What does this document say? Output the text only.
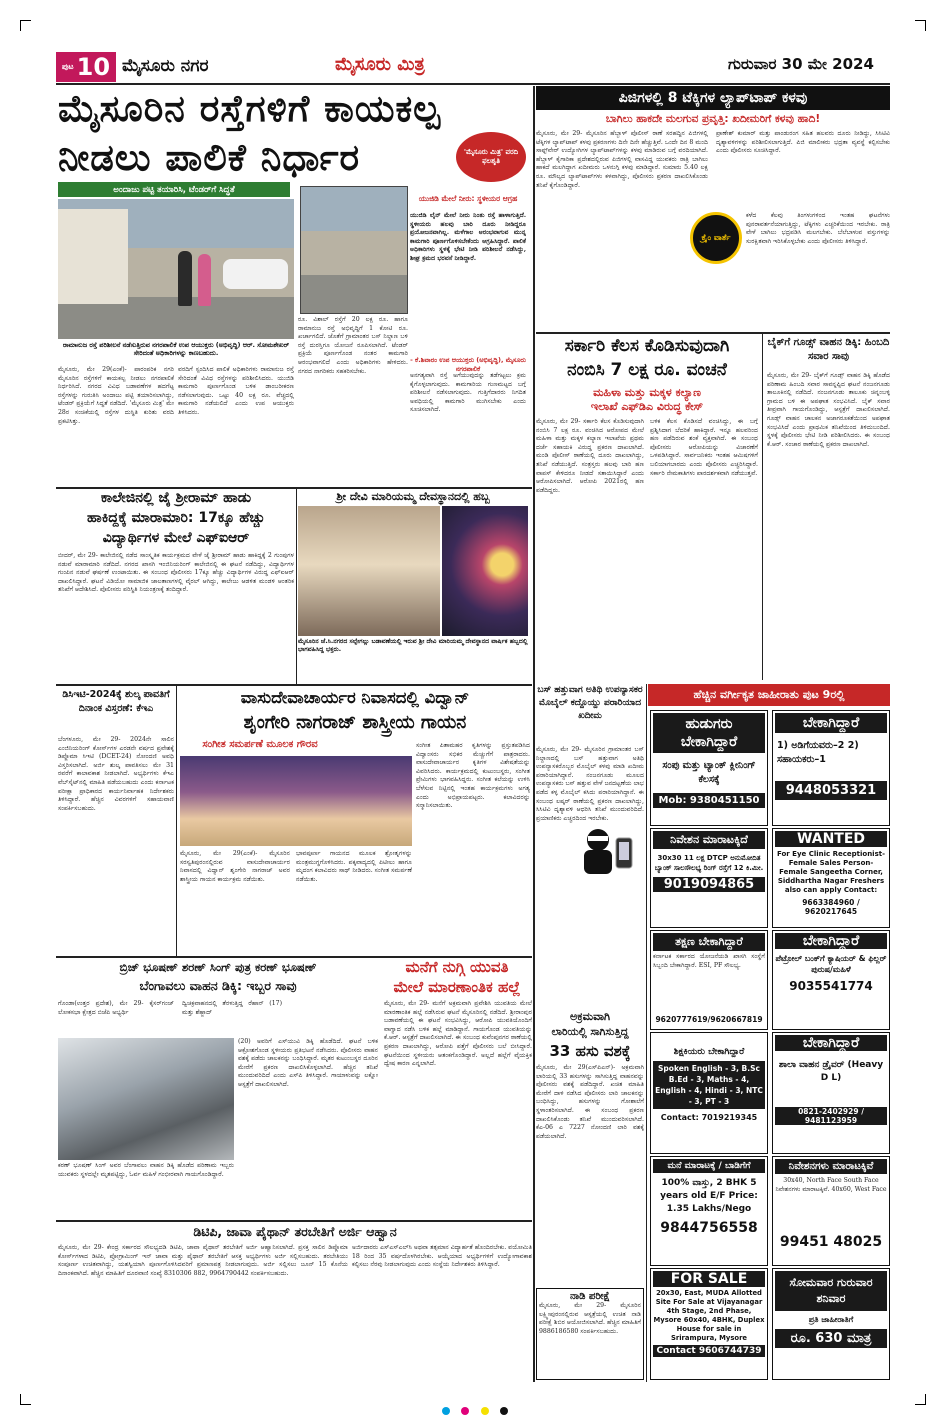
ಪುಟ 10 ಮೈಸೂರು ನಗರ	ಮೈಸೂರು ಮಿತ್ರ	ಗುರುವಾರ 30 ಮೇ 2024
ಮೈಸೂರಿನ ರಸ್ತೆಗಳಿಗೆ ಕಾಯಕಲ್ಪ
ನೀಡಲು ಪಾಲಿಕೆ ನಿರ್ಧಾರ	'ಮೈಸೂರು ಮಿತ್ರ' ವರದಿ ಫಲಶೃತಿ
ಅಂದಾಜು ಪಟ್ಟಿ ತಯಾರಿಸಿ, ಟೆಂಡರ್‌ಗೆ ಸಿದ್ಧತೆ
ರಾಮಾನುಜ ರಸ್ತೆ ಪರಿಶೀಲನೆ ನಡೆಸುತ್ತಿರುವ ನಗರಪಾಲಿಕೆ ಉಪ ಆಯುಕ್ತರು (ಅಭಿವೃದ್ಧಿ) ಆರ್. ಸೋಮಶೇಖರ್ ಸೇರಿದಂತೆ ಅಧಿಕಾರಿಗಳನ್ನು ಕಾಣಬಹುದು.
ಯುಜಿಡಿ ಮೇಲೆ ನೀರು: ಸ್ಥಳೀಯರ ಆಗ್ರಹ
ಯುಜಿಡಿ ಲೈನ್ ಮೇಲೆ ನೀರು ನಿಂತು ರಸ್ತೆ ಹಾಳಾಗುತ್ತಿದೆ. ಸ್ಥಳೀಯರು ಹಲವು ಬಾರಿ ದೂರು ನೀಡಿದ್ದರೂ ಪ್ರಯೋಜನವಾಗಿಲ್ಲ. ಮಳೆಗಾಲ ಆರಂಭವಾಗುವ ಮುನ್ನ ಕಾಮಗಾರಿ ಪೂರ್ಣಗೊಳಿಸಬೇಕೆಂದು ಆಗ್ರಹಿಸಿದ್ದಾರೆ. ಪಾಲಿಕೆ ಅಧಿಕಾರಿಗಳು ಸ್ಥಳಕ್ಕೆ ಭೇಟಿ ನೀಡಿ ಪರಿಶೀಲನೆ ನಡೆಸಿದ್ದು, ಶೀಘ್ರ ಕ್ರಮದ ಭರವಸೆ ನೀಡಿದ್ದಾರೆ.
- ಕೆ.ಶಿವಾರಂ ಉಪ ಆಯುಕ್ತರು (ಅಭಿವೃದ್ಧಿ), ಮೈಸೂರು ನಗರಪಾಲಿಕೆ
ಮೈಸೂರು, ಮೇ 29(ಎಂಕೆ)- ಪಾರಂಪರಿಕ ನಗರಿ ಮೈಸೂರಿನ ರಸ್ತೆಗಳಿಗೆ ಕಾಯಕಲ್ಪ ನೀಡಲು ನಗರಪಾಲಿಕೆ ನಿರ್ಧರಿಸಿದೆ. ನಗರದ ವಿವಿಧ ಬಡಾವಣೆಗಳ ಹದಗೆಟ್ಟ ರಸ್ತೆಗಳನ್ನು ಗುರುತಿಸಿ ಅಂದಾಜು ಪಟ್ಟಿ ತಯಾರಿಸಲಾಗಿದ್ದು, ಟೆಂಡರ್ ಪ್ರಕ್ರಿಯೆಗೆ ಸಿದ್ಧತೆ ನಡೆದಿದೆ. 'ಮೈಸೂರು ಮಿತ್ರ' ಮೇ 28ರ ಸಂಚಿಕೆಯಲ್ಲಿ ರಸ್ತೆಗಳ ದುಸ್ಥಿತಿ ಕುರಿತು ವರದಿ ಪ್ರಕಟಿಸಿತ್ತು.
ವರದಿಗೆ ಸ್ಪಂದಿಸಿದ ಪಾಲಿಕೆ ಅಧಿಕಾರಿಗಳು ರಾಮಾನುಜ ರಸ್ತೆ ಸೇರಿದಂತೆ ವಿವಿಧ ರಸ್ತೆಗಳನ್ನು ಪರಿಶೀಲಿಸಿದರು. ಯುಜಿಡಿ ಕಾಮಗಾರಿ ಪೂರ್ಣಗೊಂಡ ಬಳಿಕ ಡಾಂಬರೀಕರಣ ನಡೆಸಲಾಗುವುದು. ಒಟ್ಟು 40 ಲಕ್ಷ ರೂ. ವೆಚ್ಚದಲ್ಲಿ ಕಾಮಗಾರಿ ನಡೆಯಲಿದೆ ಎಂದು ಉಪ ಆಯುಕ್ತರು ತಿಳಿಸಿದರು.
ರೂ. ವಿಶಾಲ್ ರಸ್ತೆಗೆ 20 ಲಕ್ಷ ರೂ. ಹಾಗೂ ರಾಮಾನುಜ ರಸ್ತೆ ಅಭಿವೃದ್ಧಿಗೆ 1 ಕೋಟಿ ರೂ. ಖರ್ಚಾಗಲಿದೆ. ಜೊತೆಗೆ ಗ್ರಾಮಾಂತರ ಬಸ್ ನಿಲ್ದಾಣ ಬಳಿ ರಸ್ತೆ ದುರಸ್ತಿಗೂ ಯೋಜನೆ ರೂಪಿಸಲಾಗಿದೆ. ಟೆಂಡರ್ ಪ್ರಕ್ರಿಯೆ ಪೂರ್ಣಗೊಂಡ ನಂತರ ಕಾಮಗಾರಿ ಆರಂಭವಾಗಲಿದೆ ಎಂದು ಅಧಿಕಾರಿಗಳು ಹೇಳಿದರು. ನಗರದ ನಾಗರಿಕರು ಸಹಕರಿಸಬೇಕು.
ಅನಗತ್ಯವಾಗಿ ರಸ್ತೆ ಅಗೆಯುವುದನ್ನು ತಡೆಗಟ್ಟಲು ಕ್ರಮ ಕೈಗೊಳ್ಳಲಾಗುವುದು. ಕಾಮಗಾರಿಯ ಗುಣಮಟ್ಟದ ಬಗ್ಗೆ ಪರಿಶೀಲನೆ ನಡೆಸಲಾಗುವುದು. ಗುತ್ತಿಗೆದಾರರು ನಿಗದಿತ ಅವಧಿಯಲ್ಲಿ ಕಾಮಗಾರಿ ಮುಗಿಸಬೇಕು ಎಂದು ಸೂಚಿಸಲಾಗಿದೆ.
ಪಿಜಿಗಳಲ್ಲಿ 8 ಟೆಕ್ಕಿಗಳ ಲ್ಯಾಪ್‌ಟಾಪ್ ಕಳವು
ಬಾಗಿಲು ಹಾಕದೇ ಮಲಗುವ ಪ್ರವೃತ್ತಿ: ಖದೀಮರಿಗೆ ಕಳವು ಹಾದಿ!
ಮೈಸೂರು, ಮೇ 29- ಮೈಸೂರಿನ ಹೆಬ್ಬಾಳ್ ಪೊಲೀಸ್ ಠಾಣೆ ಸರಹದ್ದಿನ ಪಿಜಿಗಳಲ್ಲಿ ಟೆಕ್ಕಿಗಳ ಲ್ಯಾಪ್‌ಟಾಪ್ ಕಳವು ಪ್ರಕರಣಗಳು ದಿನೇ ದಿನೇ ಹೆಚ್ಚುತ್ತಿವೆ. ಒಂದೇ ದಿನ 8 ಮಂದಿ ಸಾಫ್ಟ್‌ವೇರ್ ಉದ್ಯೋಗಿಗಳ ಲ್ಯಾಪ್‌ಟಾಪ್‌ಗಳನ್ನು ಕಳವು ಮಾಡಿರುವ ಬಗ್ಗೆ ವರದಿಯಾಗಿದೆ. ಹೆಬ್ಬಾಳ್ ಕೈಗಾರಿಕಾ ಪ್ರದೇಶದಲ್ಲಿರುವ ಪಿಜಿಗಳಲ್ಲಿ ವಾಸವಿದ್ದ ಯುವಕರು ರಾತ್ರಿ ಬಾಗಿಲು ಹಾಕದೆ ಮಲಗಿದ್ದಾಗ ಖದೀಮರು ಒಳನುಗ್ಗಿ ಕಳವು ಮಾಡಿದ್ದಾರೆ. ಸುಮಾರು 5.40 ಲಕ್ಷ ರೂ. ಮೌಲ್ಯದ ಲ್ಯಾಪ್‌ಟಾಪ್‌ಗಳು ಕಳವಾಗಿದ್ದು, ಪೊಲೀಸರು ಪ್ರಕರಣ ದಾಖಲಿಸಿಕೊಂಡು ತನಿಖೆ ಕೈಗೊಂಡಿದ್ದಾರೆ.
ಪ್ರಾಣೇಶ್ ಕುಮಾರ್ ಮತ್ತು ಪಾಂಡುರಂಗ ಸಹಿತ ಹಲವರು ದೂರು ನೀಡಿದ್ದು, ಸಿಸಿಟಿವಿ ದೃಶ್ಯಾವಳಿಗಳನ್ನು ಪರಿಶೀಲಿಸಲಾಗುತ್ತಿದೆ. ಪಿಜಿ ಮಾಲೀಕರು ಭದ್ರತಾ ವ್ಯವಸ್ಥೆ ಕಲ್ಪಿಸಬೇಕು ಎಂದು ಪೊಲೀಸರು ಸೂಚಿಸಿದ್ದಾರೆ.
ಕ್ರೈಂ ವಾರ್ತೆ
ಕಳೆದ ಕೆಲವು ತಿಂಗಳುಗಳಿಂದ ಇಂತಹ ಘಟನೆಗಳು ಪುನರಾವರ್ತನೆಯಾಗುತ್ತಿದ್ದು, ಟೆಕ್ಕಿಗಳು ಎಚ್ಚರಿಕೆಯಿಂದ ಇರಬೇಕು. ರಾತ್ರಿ ವೇಳೆ ಬಾಗಿಲು ಭದ್ರಪಡಿಸಿ ಮಲಗಬೇಕು. ಬೆಲೆಬಾಳುವ ವಸ್ತುಗಳನ್ನು ಸುರಕ್ಷಿತವಾಗಿ ಇರಿಸಿಕೊಳ್ಳಬೇಕು ಎಂದು ಪೊಲೀಸರು ತಿಳಿಸಿದ್ದಾರೆ.
ಸರ್ಕಾರಿ ಕೆಲಸ ಕೊಡಿಸುವುದಾಗಿ
ನಂಬಿಸಿ 7 ಲಕ್ಷ ರೂ. ವಂಚನೆ
ಮಹಿಳಾ ಮತ್ತು ಮಕ್ಕಳ ಕಲ್ಯಾಣ
ಇಲಾಖೆ ಎಫ್‌ಡಿಎ ವಿರುದ್ಧ ಕೇಸ್
ಮೈಸೂರು, ಮೇ 29- ಸರ್ಕಾರಿ ಕೆಲಸ ಕೊಡಿಸುವುದಾಗಿ ನಂಬಿಸಿ 7 ಲಕ್ಷ ರೂ. ವಂಚಿಸಿದ ಆರೋಪದ ಮೇಲೆ ಮಹಿಳಾ ಮತ್ತು ಮಕ್ಕಳ ಕಲ್ಯಾಣ ಇಲಾಖೆಯ ಪ್ರಥಮ ದರ್ಜೆ ಸಹಾಯಕಿ ವಿರುದ್ಧ ಪ್ರಕರಣ ದಾಖಲಾಗಿದೆ. ಮಂಡಿ ಪೊಲೀಸ್ ಠಾಣೆಯಲ್ಲಿ ದೂರು ದಾಖಲಾಗಿದ್ದು, ತನಿಖೆ ನಡೆಯುತ್ತಿದೆ. ಸಂತ್ರಸ್ತರು ಹಲವು ಬಾರಿ ಹಣ ವಾಪಸ್ ಕೇಳಿದರೂ ನೀಡದೆ ಸತಾಯಿಸಿದ್ದಾರೆ ಎಂದು ಆರೋಪಿಸಲಾಗಿದೆ. ಆರೋಪಿ 2021ರಲ್ಲಿ ಹಣ ಪಡೆದಿದ್ದರು.
ಬಳಿಕ ಕೆಲಸ ಕೊಡಿಸದೆ ವಂಚಿಸಿದ್ದು, ಈ ಬಗ್ಗೆ ಪ್ರಶ್ನಿಸಿದಾಗ ಬೆದರಿಕೆ ಹಾಕಿದ್ದಾರೆ. ಇನ್ನೂ ಹಲವರಿಂದ ಹಣ ಪಡೆದಿರುವ ಶಂಕೆ ವ್ಯಕ್ತವಾಗಿದೆ. ಈ ಸಂಬಂಧ ಪೊಲೀಸರು ಆರೋಪಿಯನ್ನು ವಿಚಾರಣೆಗೆ ಒಳಪಡಿಸಿದ್ದಾರೆ. ಸಾರ್ವಜನಿಕರು ಇಂತಹ ಆಮಿಷಗಳಿಗೆ ಬಲಿಯಾಗಬಾರದು ಎಂದು ಪೊಲೀಸರು ಎಚ್ಚರಿಸಿದ್ದಾರೆ. ಸರ್ಕಾರಿ ನೇಮಕಾತಿಗಳು ಪಾರದರ್ಶಕವಾಗಿ ನಡೆಯುತ್ತವೆ.
ಬೈಕ್‌ಗೆ ಗೂಡ್ಸ್ ವಾಹನ ಡಿಕ್ಕಿ: ಹಿಂಬದಿ ಸವಾರ ಸಾವು
ಮೈಸೂರು, ಮೇ 29- ಬೈಕ್‌ಗೆ ಗೂಡ್ಸ್ ವಾಹನ ಡಿಕ್ಕಿ ಹೊಡೆದ ಪರಿಣಾಮ ಹಿಂಬದಿ ಸವಾರ ಸಾವನ್ನಪ್ಪಿದ ಘಟನೆ ನಂಜನಗೂಡು ತಾಲೂಕಿನಲ್ಲಿ ನಡೆದಿದೆ. ನಂಜನಗೂಡು ತಾಲೂಕು ಚಿನ್ನಂಬಳ್ಳಿ ಗ್ರಾಮದ ಬಳಿ ಈ ಅಪಘಾತ ಸಂಭವಿಸಿದೆ. ಬೈಕ್ ಸವಾರ ತೀವ್ರವಾಗಿ ಗಾಯಗೊಂಡಿದ್ದು, ಆಸ್ಪತ್ರೆಗೆ ದಾಖಲಿಸಲಾಗಿದೆ. ಗೂಡ್ಸ್ ವಾಹನ ಚಾಲಕನ ಅಜಾಗರೂಕತೆಯಿಂದ ಅಪಘಾತ ಸಂಭವಿಸಿದೆ ಎಂದು ಪ್ರಾಥಮಿಕ ತನಿಖೆಯಿಂದ ತಿಳಿದುಬಂದಿದೆ. ಸ್ಥಳಕ್ಕೆ ಪೊಲೀಸರು ಭೇಟಿ ನೀಡಿ ಪರಿಶೀಲಿಸಿದರು. ಈ ಸಂಬಂಧ ಕೆ.ಆರ್. ಸಂಚಾರ ಠಾಣೆಯಲ್ಲಿ ಪ್ರಕರಣ ದಾಖಲಾಗಿದೆ.
ಕಾಲೇಜಿನಲ್ಲಿ ಜೈ ಶ್ರೀರಾಮ್ ಹಾಡು
ಹಾಕಿದ್ದಕ್ಕೆ ಮಾರಾಮಾರಿ: 17ಕ್ಕೂ ಹೆಚ್ಚು
ವಿದ್ಯಾರ್ಥಿಗಳ ಮೇಲೆ ಎಫ್‌ಐಆರ್
ಬೀದರ್, ಮೇ 29- ಕಾಲೇಜಿನಲ್ಲಿ ನಡೆದ ಸಾಂಸ್ಕೃತಿಕ ಕಾರ್ಯಕ್ರಮದ ವೇಳೆ ಜೈ ಶ್ರೀರಾಮ್ ಹಾಡು ಹಾಕಿದ್ದಕ್ಕೆ 2 ಗುಂಪುಗಳ ನಡುವೆ ಮಾರಾಮಾರಿ ನಡೆದಿದೆ. ನಗರದ ಖಾಸಗಿ ಇಂಜಿನಿಯರಿಂಗ್ ಕಾಲೇಜಿನಲ್ಲಿ ಈ ಘಟನೆ ನಡೆದಿದ್ದು, ವಿದ್ಯಾರ್ಥಿಗಳ ಗುಂಪಿನ ನಡುವೆ ಘರ್ಷಣೆ ಉಂಟಾಯಿತು. ಈ ಸಂಬಂಧ ಪೊಲೀಸರು 17ಕ್ಕೂ ಹೆಚ್ಚು ವಿದ್ಯಾರ್ಥಿಗಳ ವಿರುದ್ಧ ಎಫ್‌ಐಆರ್ ದಾಖಲಿಸಿದ್ದಾರೆ. ಘಟನೆ ವಿಡಿಯೋ ಸಾಮಾಜಿಕ ಜಾಲತಾಣಗಳಲ್ಲಿ ವೈರಲ್ ಆಗಿದ್ದು, ಕಾಲೇಜು ಆಡಳಿತ ಮಂಡಳಿ ಆಂತರಿಕ ತನಿಖೆಗೆ ಆದೇಶಿಸಿದೆ. ಪೊಲೀಸರು ಪರಿಸ್ಥಿತಿ ನಿಯಂತ್ರಣಕ್ಕೆ ತಂದಿದ್ದಾರೆ.
ಶ್ರೀ ದೇವಿ ಮಾರಿಯಮ್ಮ ದೇವಸ್ಥಾನದಲ್ಲಿ ಹಬ್ಬ
ಮೈಸೂರಿನ ಜೆ.ಸಿ.ನಗರದ ಸಲ್ಪೇಗಲ್ಲು ಬಡಾವಣೆಯಲ್ಲಿ ಇರುವ ಶ್ರೀ ದೇವಿ ಮಾರಿಯಮ್ಮ ದೇವಸ್ಥಾನದ ವಾರ್ಷಿಕ ಹಬ್ಬದಲ್ಲಿ ಭಾಗವಹಿಸಿದ್ದ ಭಕ್ತರು.
ಬಸ್ ಹತ್ತುವಾಗ ಅತಿಥಿ ಉಪನ್ಯಾಸಕರ ಮೊಬೈಲ್ ಕದ್ದೊಯ್ದು ಪರಾರಿಯಾದ ಖದೀಮ
ಮೈಸೂರು, ಮೇ 29- ಮೈಸೂರಿನ ಗ್ರಾಮಾಂತರ ಬಸ್ ನಿಲ್ದಾಣದಲ್ಲಿ ಬಸ್ ಹತ್ತುವಾಗ ಅತಿಥಿ ಉಪನ್ಯಾಸಕರೊಬ್ಬರ ಮೊಬೈಲ್ ಕಳವು ಮಾಡಿ ಖದೀಮ ಪರಾರಿಯಾಗಿದ್ದಾನೆ. ನಂಜನಗೂಡು ಮೂಲದ ಉಪನ್ಯಾಸಕರು ಬಸ್ ಹತ್ತುವ ವೇಳೆ ಜನದಟ್ಟಣೆಯ ಲಾಭ ಪಡೆದ ಕಳ್ಳ ಮೊಬೈಲ್ ಕಸಿದು ಪರಾರಿಯಾಗಿದ್ದಾನೆ. ಈ ಸಂಬಂಧ ಲಷ್ಕರ್ ಠಾಣೆಯಲ್ಲಿ ಪ್ರಕರಣ ದಾಖಲಾಗಿದ್ದು, ಸಿಸಿಟಿವಿ ದೃಶ್ಯಾವಳಿ ಆಧರಿಸಿ ತನಿಖೆ ಮುಂದುವರಿದಿದೆ. ಪ್ರಯಾಣಿಕರು ಎಚ್ಚರದಿಂದ ಇರಬೇಕು.
ಡಿಸಿಇಟಿ-2024ಕ್ಕೆ ಶುಲ್ಕ ಪಾವತಿಗೆ ದಿನಾಂಕ ವಿಸ್ತರಣೆ: ಕೆಇಎ
ಬೆಂಗಳೂರು, ಮೇ 29- 2024ನೇ ಸಾಲಿನ ಎಂಜಿನಿಯರಿಂಗ್ ಕೋರ್ಸ್‌ಗಳ ಎರಡನೇ ವರ್ಷದ ಪ್ರವೇಶಕ್ಕೆ ಡಿಪ್ಲೊಮಾ ಸಿಇಟಿ (DCET-24) ನೋಂದಣಿ ಅವಧಿ ವಿಸ್ತರಿಸಲಾಗಿದೆ. ಅರ್ಜಿ ಶುಲ್ಕ ಪಾವತಿಸಲು ಮೇ 31 ರವರೆಗೆ ಕಾಲಾವಕಾಶ ನೀಡಲಾಗಿದೆ. ಅಭ್ಯರ್ಥಿಗಳು ಕೆಇಎ ವೆಬ್‌ಸೈಟ್‌ನಲ್ಲಿ ಮಾಹಿತಿ ಪಡೆಯಬಹುದು ಎಂದು ಕರ್ನಾಟಕ ಪರೀಕ್ಷಾ ಪ್ರಾಧಿಕಾರದ ಕಾರ್ಯನಿರ್ವಾಹಕ ನಿರ್ದೇಶಕರು ತಿಳಿಸಿದ್ದಾರೆ. ಹೆಚ್ಚಿನ ವಿವರಗಳಿಗೆ ಸಹಾಯವಾಣಿ ಸಂಪರ್ಕಿಸಬಹುದು.
ವಾಸುದೇವಾಚಾರ್ಯರ ನಿವಾಸದಲ್ಲಿ ವಿದ್ವಾನ್
ಶೃಂಗೇರಿ ನಾಗರಾಜ್ ಶಾಸ್ತ್ರೀಯ ಗಾಯನ
ಸಂಗೀತ ಸಮರ್ಪಣೆ ಮೂಲಕ ಗೌರವ
ಮೈಸೂರು, ಮೇ 29(ಎಂಕೆ)- ಮೈಸೂರಿನ ಸರಸ್ವತಿಪುರಂನಲ್ಲಿರುವ ವಾಸುದೇವಾಚಾರ್ಯರ ನಿವಾಸದಲ್ಲಿ ವಿದ್ವಾನ್ ಶೃಂಗೇರಿ ನಾಗರಾಜ್ ಅವರ ಶಾಸ್ತ್ರೀಯ ಗಾಯನ ಕಾರ್ಯಕ್ರಮ ನಡೆಯಿತು.
ಭಾವಪೂರ್ಣ ಗಾಯನದ ಮೂಲಕ ಶ್ರೋತೃಗಳನ್ನು ಮಂತ್ರಮುಗ್ಧಗೊಳಿಸಿದರು. ಪಕ್ಕವಾದ್ಯದಲ್ಲಿ ಪಿಟೀಲು ಹಾಗೂ ಮೃದಂಗ ಕಲಾವಿದರು ಸಾಥ್ ನೀಡಿದರು. ಸಂಗೀತ ಸಮರ್ಪಣೆ ನಡೆಯಿತು.
ಸಂಗೀತ ಪಿತಾಮಹರ ಕೃತಿಗಳನ್ನು ಪ್ರಸ್ತುತಪಡಿಸಿದ ವಿದ್ವಾಂಸರು ಸಭಿಕರ ಮೆಚ್ಚುಗೆಗೆ ಪಾತ್ರರಾದರು. ವಾಸುದೇವಾಚಾರ್ಯರ ಕೃತಿಗಳ ವಿಶೇಷತೆಯನ್ನು ವಿವರಿಸಿದರು. ಕಾರ್ಯಕ್ರಮದಲ್ಲಿ ಕುಟುಂಬಸ್ಥರು, ಸಂಗೀತ ಪ್ರೇಮಿಗಳು ಭಾಗವಹಿಸಿದ್ದರು. ಸಂಗೀತ ಕಲೆಯನ್ನು ಉಳಿಸಿ ಬೆಳೆಸುವ ನಿಟ್ಟಿನಲ್ಲಿ ಇಂತಹ ಕಾರ್ಯಕ್ರಮಗಳು ಅಗತ್ಯ ಎಂದು ಅಭಿಪ್ರಾಯಪಟ್ಟರು. ಕಲಾವಿದರನ್ನು ಸನ್ಮಾನಿಸಲಾಯಿತು.
ಬ್ರಿಜ್ ಭೂಷಣ್ ಶರಣ್ ಸಿಂಗ್ ಪುತ್ರ ಕರಣ್ ಭೂಷಣ್
ಬೆಂಗಾವಲು ವಾಹನ ಡಿಕ್ಕಿ: ಇಬ್ಬರ ಸಾವು
ಗೊಂಡಾ(ಉತ್ತರ ಪ್ರದೇಶ), ಮೇ 29- ಕೈಸರ್‌ಗಂಜ್ ಲೋಕಸಭಾ ಕ್ಷೇತ್ರದ ಬಿಜೆಪಿ ಅಭ್ಯರ್ಥಿ
ದ್ವಿಚಕ್ರವಾಹನದಲ್ಲಿ ತೆರಳುತ್ತಿದ್ದ ರೆಹಾನ್ (17) ಮತ್ತು ಶೆಹ್ಜಾದ್
ಕರಣ್ ಭೂಷಣ್ ಸಿಂಗ್ ಅವರ ಬೆಂಗಾವಲು ವಾಹನ ಡಿಕ್ಕಿ ಹೊಡೆದ ಪರಿಣಾಮ ಇಬ್ಬರು ಯುವಕರು ಸ್ಥಳದಲ್ಲೇ ಮೃತಪಟ್ಟಿದ್ದು, ಓರ್ವ ಮಹಿಳೆ ಗಂಭೀರವಾಗಿ ಗಾಯಗೊಂಡಿದ್ದಾರೆ.
(20) ಅವರಿಗೆ ಎಸ್‌ಯುವಿ ಡಿಕ್ಕಿ ಹೊಡೆದಿದೆ. ಘಟನೆ ಬಳಿಕ ಆಕ್ರೋಶಗೊಂಡ ಸ್ಥಳೀಯರು ಪ್ರತಿಭಟನೆ ನಡೆಸಿದರು. ಪೊಲೀಸರು ವಾಹನ ವಶಕ್ಕೆ ಪಡೆದು ಚಾಲಕನನ್ನು ಬಂಧಿಸಿದ್ದಾರೆ. ಮೃತರ ಕುಟುಂಬಸ್ಥರ ದೂರಿನ ಮೇರೆಗೆ ಪ್ರಕರಣ ದಾಖಲಿಸಿಕೊಳ್ಳಲಾಗಿದೆ. ಹೆಚ್ಚಿನ ತನಿಖೆ ಮುಂದುವರಿದಿದೆ ಎಂದು ಎಸ್‌ಪಿ ತಿಳಿಸಿದ್ದಾರೆ. ಗಾಯಾಳುವನ್ನು ಲಕ್ನೋ ಆಸ್ಪತ್ರೆಗೆ ದಾಖಲಿಸಲಾಗಿದೆ.
ಮನೆಗೆ ನುಗ್ಗಿ ಯುವತಿ
ಮೇಲೆ ಮಾರಣಾಂತಿಕ ಹಲ್ಲೆ
ಮೈಸೂರು, ಮೇ 29- ಮನೆಗೆ ಅಕ್ರಮವಾಗಿ ಪ್ರವೇಶಿಸಿ ಯುವತಿಯ ಮೇಲೆ ಮಾರಣಾಂತಿಕ ಹಲ್ಲೆ ನಡೆಸಿರುವ ಘಟನೆ ಮೈಸೂರಿನಲ್ಲಿ ನಡೆದಿದೆ. ಶ್ರೀರಾಂಪುರ ಬಡಾವಣೆಯಲ್ಲಿ ಈ ಘಟನೆ ಸಂಭವಿಸಿದ್ದು, ಆರೋಪಿ ಯುವತಿಯೊಂದಿಗೆ ವಾಗ್ವಾದ ನಡೆಸಿ ಬಳಿಕ ಹಲ್ಲೆ ಮಾಡಿದ್ದಾನೆ. ಗಾಯಗೊಂಡ ಯುವತಿಯನ್ನು ಕೆ.ಆರ್. ಆಸ್ಪತ್ರೆಗೆ ದಾಖಲಿಸಲಾಗಿದೆ. ಈ ಸಂಬಂಧ ಕುವೆಂಪುನಗರ ಠಾಣೆಯಲ್ಲಿ ಪ್ರಕರಣ ದಾಖಲಾಗಿದ್ದು, ಆರೋಪಿ ಪತ್ತೆಗೆ ಪೊಲೀಸರು ಬಲೆ ಬೀಸಿದ್ದಾರೆ. ಘಟನೆಯಿಂದ ಸ್ಥಳೀಯರು ಆತಂಕಗೊಂಡಿದ್ದಾರೆ. ಅಲ್ಲದೆ ಹಲ್ಲೆಗೆ ವೈಯಕ್ತಿಕ ದ್ವೇಷ ಕಾರಣ ಎನ್ನಲಾಗಿದೆ.
ಅಕ್ರಮವಾಗಿ
ಲಾರಿಯಲ್ಲಿ ಸಾಗಿಸುತ್ತಿದ್ದ
33 ಹಸು ವಶಕ್ಕೆ
ಮೈಸೂರು, ಮೇ 29(ಎಸ್‌ಪಿಎನ್)- ಅಕ್ರಮವಾಗಿ ಲಾರಿಯಲ್ಲಿ 33 ಹಸುಗಳನ್ನು ಸಾಗಿಸುತ್ತಿದ್ದ ವಾಹನವನ್ನು ಪೊಲೀಸರು ವಶಕ್ಕೆ ಪಡೆದಿದ್ದಾರೆ. ಖಚಿತ ಮಾಹಿತಿ ಮೇರೆಗೆ ದಾಳಿ ನಡೆಸಿದ ಪೊಲೀಸರು ಲಾರಿ ಚಾಲಕನನ್ನು ಬಂಧಿಸಿದ್ದು, ಹಸುಗಳನ್ನು ಗೋಶಾಲೆಗೆ ಸ್ಥಳಾಂತರಿಸಲಾಗಿದೆ. ಈ ಸಂಬಂಧ ಪ್ರಕರಣ ದಾಖಲಿಸಿಕೊಂಡು ತನಿಖೆ ಮುಂದುವರಿಸಲಾಗಿದೆ. ಕೆಎ-06 ಎ 7227 ನೋಂದಣಿ ಲಾರಿ ವಶಕ್ಕೆ ಪಡೆಯಲಾಗಿದೆ.
ನಾಡಿ ಪರೀಕ್ಷೆ
ಮೈಸೂರು, ಮೇ 29- ಮೈಸೂರಿನ ಲಕ್ಷ್ಮೀಪುರಂನಲ್ಲಿರುವ ಆಸ್ಪತ್ರೆಯಲ್ಲಿ ಉಚಿತ ನಾಡಿ ಪರೀಕ್ಷೆ ಶಿಬಿರ ಆಯೋಜಿಸಲಾಗಿದೆ. ಹೆಚ್ಚಿನ ಮಾಹಿತಿಗೆ 9886186580 ಸಂಪರ್ಕಿಸಬಹುದು.
ಡಿಟಿಪಿ, ಜಾವಾ ಪೈಥಾನ್ ತರಬೇತಿಗೆ ಅರ್ಜಿ ಆಹ್ವಾನ
ಮೈಸೂರು, ಮೇ 29- ಕೇಂದ್ರ ಸರ್ಕಾರದ ಸೌಲಭ್ಯದಡಿ ಡಿಟಿಪಿ, ಜಾವಾ ಪೈಥಾನ್ ತರಬೇತಿಗೆ ಅರ್ಜಿ ಆಹ್ವಾನಿಸಲಾಗಿದೆ. ಪ್ರಸಕ್ತ ಸಾಲಿನ ಡಿಪ್ಲೊಮಾ ಕೋರ್ಸ್‌ಗಳಾದ ಡಿಟಿಪಿ, ಪ್ರೋಗ್ರಾಮಿಂಗ್ ಇನ್ ಜಾವಾ ಮತ್ತು ಪೈಥಾನ್ ತರಬೇತಿಗೆ ಆಸಕ್ತ ಅಭ್ಯರ್ಥಿಗಳು ಅರ್ಜಿ ಸಲ್ಲಿಸಬಹುದು. ತರಬೇತಿಯು ಸಂಪೂರ್ಣ ಉಚಿತವಾಗಿದ್ದು, ಯಶಸ್ವಿಯಾಗಿ ಪೂರ್ಣಗೊಳಿಸಿದವರಿಗೆ ಪ್ರಮಾಣಪತ್ರ ನೀಡಲಾಗುವುದು. ಅರ್ಜಿ ಸಲ್ಲಿಸಲು ಜೂನ್ 15 ಕೊನೆಯ ದಿನಾಂಕವಾಗಿದೆ. ಹೆಚ್ಚಿನ ಮಾಹಿತಿಗೆ ದೂರವಾಣಿ ಸಂಖ್ಯೆ 8310306 882, 9964790442 ಸಂಪರ್ಕಿಸಬಹುದು.
ಅರ್ಜಿದಾರರು ಎಸ್‌ಎಸ್‌ಎಲ್‌ಸಿ ಅಥವಾ ತತ್ಸಮಾನ ವಿದ್ಯಾರ್ಹತೆ ಹೊಂದಿರಬೇಕು. ವಯೋಮಿತಿ 18 ರಿಂದ 35 ವರ್ಷದೊಳಗಿರಬೇಕು. ಆಯ್ಕೆಯಾದ ಅಭ್ಯರ್ಥಿಗಳಿಗೆ ಉದ್ಯೋಗಾವಕಾಶ ಕಲ್ಪಿಸಲು ನೆರವು ನೀಡಲಾಗುವುದು ಎಂದು ಸಂಸ್ಥೆಯ ನಿರ್ದೇಶಕರು ತಿಳಿಸಿದ್ದಾರೆ.
ಹೆಚ್ಚಿನ ವರ್ಗೀಕೃತ ಜಾಹೀರಾತು ಪುಟ 9ರಲ್ಲಿ
ಹುಡುಗರು ಬೇಕಾಗಿದ್ದಾರೆ
ಸಂಪು ಮತ್ತು ಟ್ಯಾಂಕ್ ಕ್ಲೀನಿಂಗ್ ಕೆಲಸಕ್ಕೆ
Mob: 9380451150
ಬೇಕಾಗಿದ್ದಾರೆ
1) ಅಡಿಗೆಯವರು–2 2) ಸಹಾಯಕರು–1
9448053321
WANTED
For Eye Clinic Receptionist-Female Sales Person-Female Sangeetha Corner, Siddhartha Nagar Freshers also can apply Contact:
9663384960 / 9620217645
ನಿವೇಶನ ಮಾರಾಟಕ್ಕಿದೆ
30x30 11 ಲಕ್ಷ DTCP ಅನುಮೋದಿತ ಬ್ಯಾಂಕ್ ಸಾಲಸೌಲಭ್ಯ ರಿಂಗ್ ರಸ್ತೆಗೆ 12 ಕಿ.ಮೀ.
9019094865
ಬೇಕಾಗಿದ್ದಾರೆ
ಪೆಟ್ರೋಲ್ ಬಂಕ್‌ಗೆ ಕ್ಯಾಷಿಯರ್ & ಫಿಲ್ಲರ್ ಪುರುಷ/ಮಹಿಳೆ
9035541774
ತಕ್ಷಣ ಬೇಕಾಗಿದ್ದಾರೆ
ಕರ್ನಾಟಕ ಸರ್ಕಾರದ ಯೋಜನೆಯಡಿ ಖಾಸಗಿ ಸಂಸ್ಥೆಗೆ ಸಿಬ್ಬಂದಿ ಬೇಕಾಗಿದ್ದಾರೆ. ESI, PF ಸೌಲಭ್ಯ.
9620777619/9620667819
ಬೇಕಾಗಿದ್ದಾರೆ
ಶಾಲಾ ವಾಹನ ಡ್ರೈವರ್ (Heavy D L)
0821-2402929 / 9481123959
ಶಿಕ್ಷಕಿಯರು ಬೇಕಾಗಿದ್ದಾರೆ
Spoken English - 3, B.Sc B.Ed - 3, Maths - 4, English - 4, Hindi - 3, NTC - 3, PT - 3
Contact: 7019219345
ಮನೆ ಮಾರಾಟಕ್ಕೆ / ಬಾಡಿಗೆಗೆ
100% ವಾಸ್ತು, 2 BHK 5 years old E/F Price: 1.35 Lakhs/Nego
9844756558
ನಿವೇಶನಗಳು ಮಾರಾಟಕ್ಕಿವೆ
30x40, North Face South Face ನಿವೇಶನಗಳು ಮಾರಾಟಕ್ಕಿವೆ. 40x60, West Face
99451 48025
FOR SALE
20x30, East, MUDA Allotted Site For Sale at Vijayanagar 4th Stage, 2nd Phase, Mysore 60x40, 4BHK, Duplex House for sale in Srirampura, Mysore
Contact 9606744739
ಸೋಮವಾರ ಗುರುವಾರ ಶನಿವಾರ
ಪ್ರತಿ ಜಾಹೀರಾತಿಗೆ
ರೂ. 630 ಮಾತ್ರ
